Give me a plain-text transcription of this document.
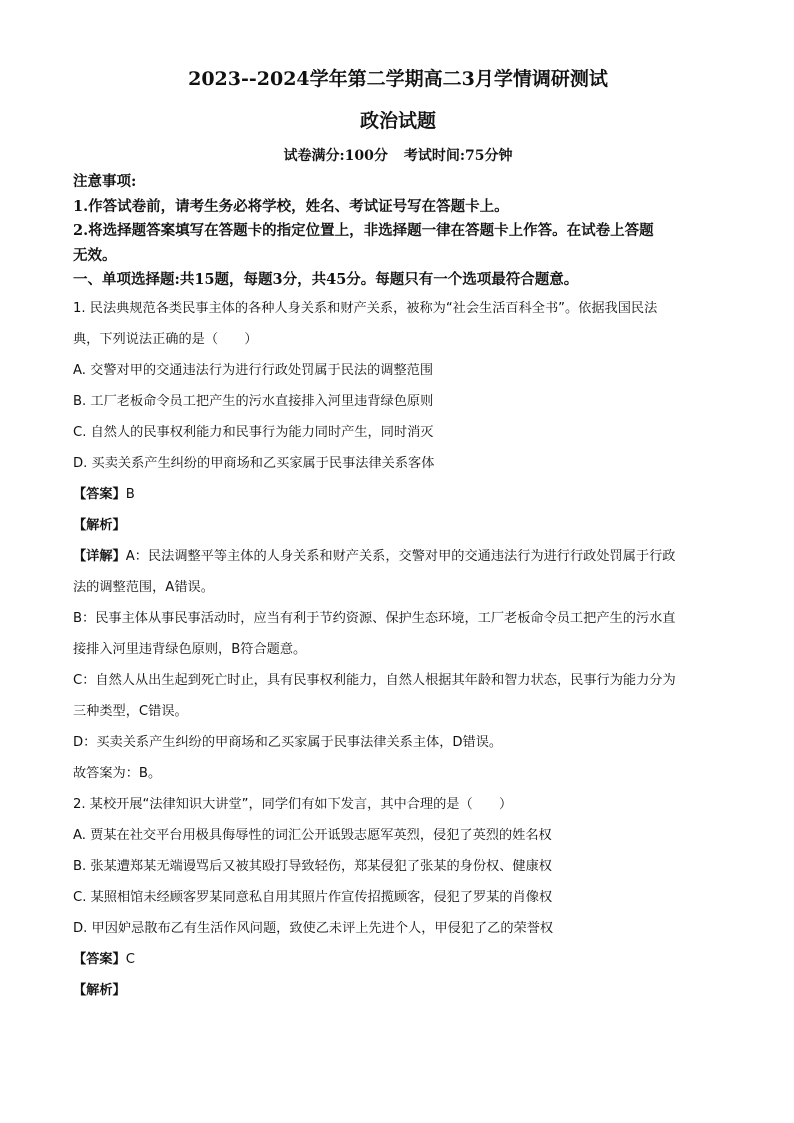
2023--2024学年第二学期高二3月学情调研测试
政治试题
试卷满分:100分 考试时间:75分钟
注意事项:
1.作答试卷前，请考生务必将学校，姓名、考试证号写在答题卡上。
2.将选择题答案填写在答题卡的指定位置上，非选择题一律在答题卡上作答。在试卷上答题
无效。
一、单项选择题:共15题，每题3分，共45分。每题只有一个选项最符合题意。
1. 民法典规范各类民事主体的各种人身关系和财产关系，被称为“社会生活百科全书”。依据我国民法
典，下列说法正确的是（　　）
A. 交警对甲的交通违法行为进行行政处罚属于民法的调整范围
B. 工厂老板命令员工把产生的污水直接排入河里违背绿色原则
C. 自然人的民事权利能力和民事行为能力同时产生，同时消灭
D. 买卖关系产生纠纷的甲商场和乙买家属于民事法律关系客体
【答案】B
【解析】
【详解】A：民法调整平等主体的人身关系和财产关系，交警对甲的交通违法行为进行行政处罚属于行政
法的调整范围，A错误。
B：民事主体从事民事活动时，应当有利于节约资源、保护生态环境，工厂老板命令员工把产生的污水直
接排入河里违背绿色原则，B符合题意。
C：自然人从出生起到死亡时止，具有民事权利能力，自然人根据其年龄和智力状态，民事行为能力分为
三种类型，C错误。
D：买卖关系产生纠纷的甲商场和乙买家属于民事法律关系主体，D错误。
故答案为：B。
2. 某校开展“法律知识大讲堂”，同学们有如下发言，其中合理的是（　　）
A. 贾某在社交平台用极具侮辱性的词汇公开诋毁志愿军英烈，侵犯了英烈的姓名权
B. 张某遭郑某无端谩骂后又被其殴打导致轻伤，郑某侵犯了张某的身份权、健康权
C. 某照相馆未经顾客罗某同意私自用其照片作宣传招揽顾客，侵犯了罗某的肖像权
D. 甲因妒忌散布乙有生活作风问题，致使乙未评上先进个人，甲侵犯了乙的荣誉权
【答案】C
【解析】
